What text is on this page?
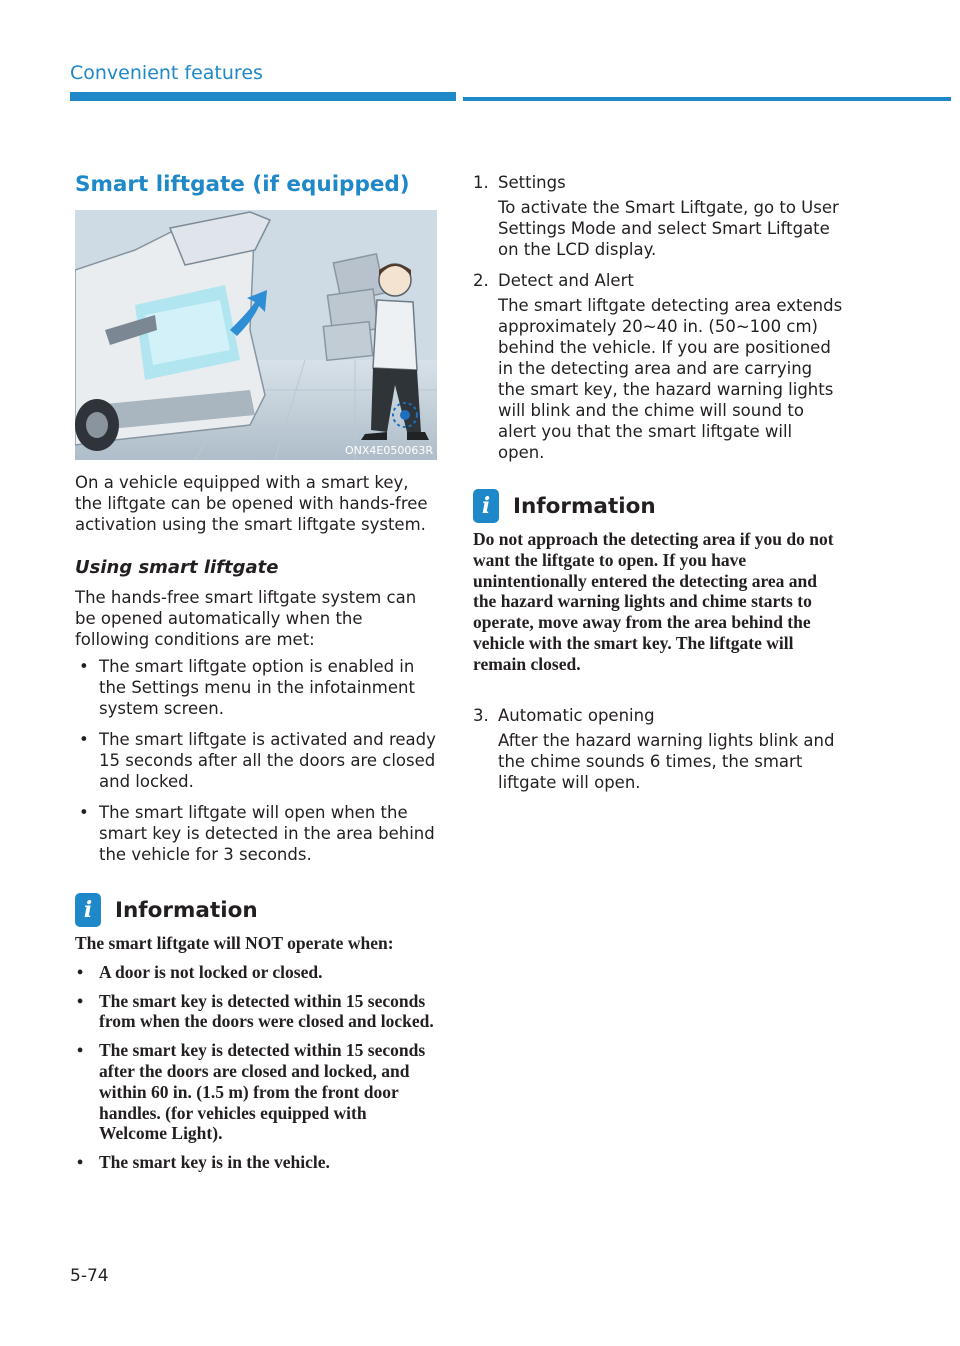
Convenient features
Smart liftgate (if equipped)
ONX4E050063R

On a vehicle equipped with a smart key, the liftgate can be opened with hands-free activation using the smart liftgate system.

Using smart liftgate

The hands-free smart liftgate system can be opened automatically when the following conditions are met:

• The smart liftgate option is enabled in the Settings menu in the infotainment system screen.
• The smart liftgate is activated and ready 15 seconds after all the doors are closed and locked.
• The smart liftgate will open when the smart key is detected in the area behind the vehicle for 3 seconds.
i	Information

The smart liftgate will NOT operate when:

• A door is not locked or closed.
• The smart key is detected within 15 seconds from when the doors were closed and locked.
• The smart key is detected within 15 seconds after the doors are closed and locked, and within 60 in. (1.5 m) from the front door handles. (for vehicles equipped with Welcome Light).
• The smart key is in the vehicle.
1. Settings

To activate the Smart Liftgate, go to User Settings Mode and select Smart Liftgate on the LCD display.

2. Detect and Alert

The smart liftgate detecting area extends approximately 20~40 in. (50~100 cm) behind the vehicle. If you are positioned in the detecting area and are carrying the smart key, the hazard warning lights will blink and the chime will sound to alert you that the smart liftgate will open.

i	Information

Do not approach the detecting area if you do not want the liftgate to open. If you have unintentionally entered the detecting area and the hazard warning lights and chime starts to operate, move away from the area behind the vehicle with the smart key. The liftgate will remain closed.

3. Automatic opening

After the hazard warning lights blink and the chime sounds 6 times, the smart liftgate will open.

5-74
